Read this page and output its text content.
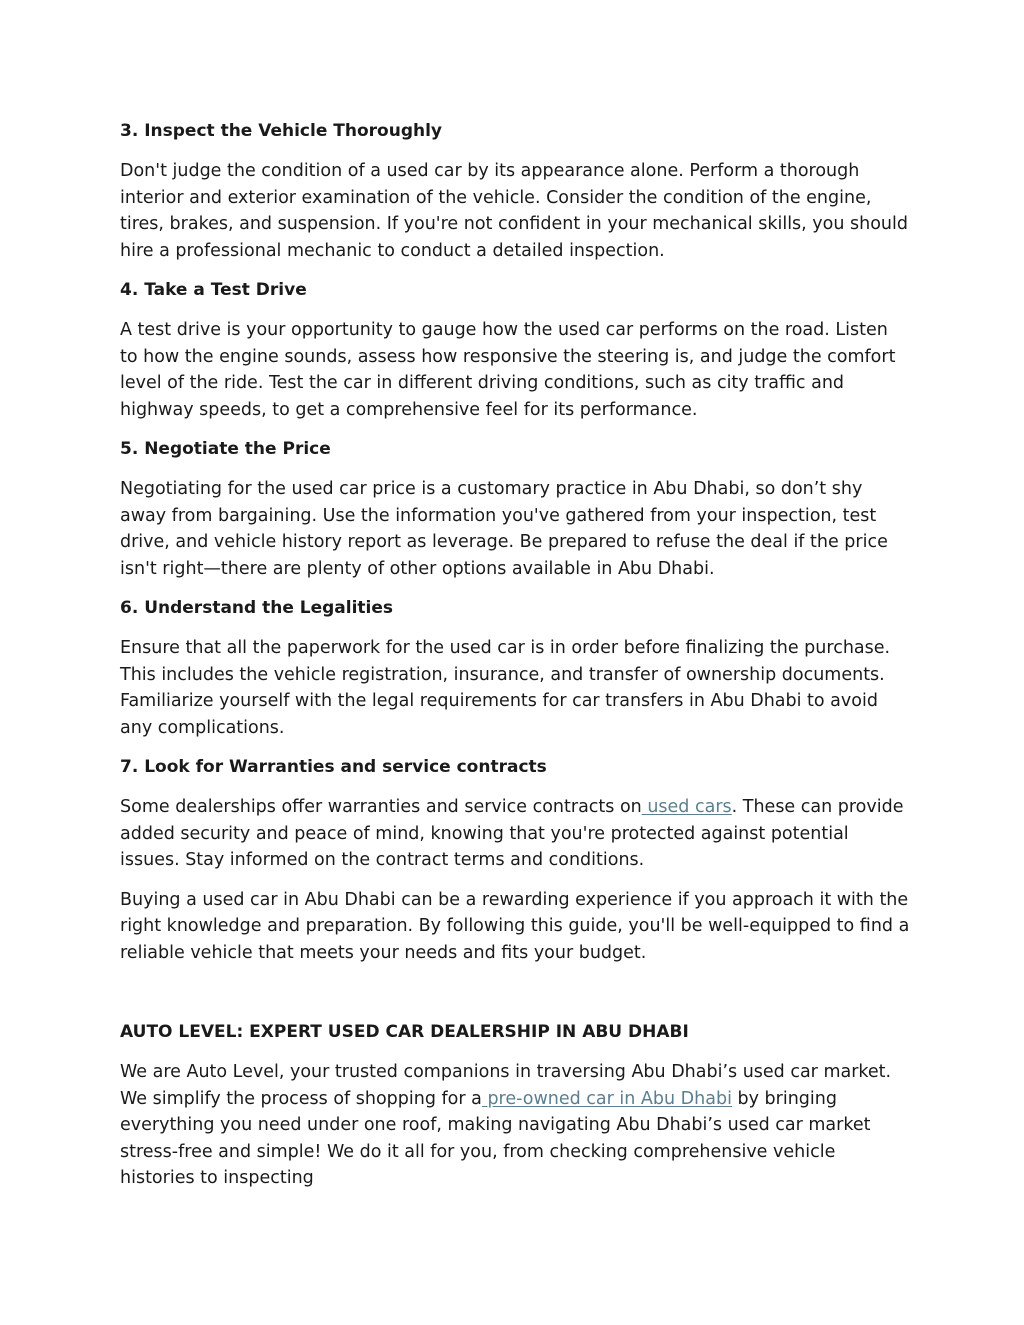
3. Inspect the Vehicle Thoroughly

Don't judge the condition of a used car by its appearance alone. Perform a thorough interior and exterior examination of the vehicle. Consider the condition of the engine, tires, brakes, and suspension. If you're not confident in your mechanical skills, you should hire a professional mechanic to conduct a detailed inspection.

4. Take a Test Drive

A test drive is your opportunity to gauge how the used car performs on the road. Listen to how the engine sounds, assess how responsive the steering is, and judge the comfort level of the ride. Test the car in different driving conditions, such as city traffic and highway speeds, to get a comprehensive feel for its performance.

5. Negotiate the Price

Negotiating for the used car price is a customary practice in Abu Dhabi, so don’t shy away from bargaining. Use the information you've gathered from your inspection, test drive, and vehicle history report as leverage. Be prepared to refuse the deal if the price isn't right—there are plenty of other options available in Abu Dhabi.

6. Understand the Legalities

Ensure that all the paperwork for the used car is in order before finalizing the purchase. This includes the vehicle registration, insurance, and transfer of ownership documents. Familiarize yourself with the legal requirements for car transfers in Abu Dhabi to avoid any complications.

7. Look for Warranties and service contracts

Some dealerships offer warranties and service contracts on used cars. These can provide added security and peace of mind, knowing that you're protected against potential issues. Stay informed on the contract terms and conditions.

Buying a used car in Abu Dhabi can be a rewarding experience if you approach it with the right knowledge and preparation. By following this guide, you'll be well-equipped to find a reliable vehicle that meets your needs and fits your budget.

AUTO LEVEL: EXPERT USED CAR DEALERSHIP IN ABU DHABI

We are Auto Level, your trusted companions in traversing Abu Dhabi’s used car market. We simplify the process of shopping for a pre-owned car in Abu Dhabi by bringing everything you need under one roof, making navigating Abu Dhabi’s used car market stress-free and simple! We do it all for you, from checking comprehensive vehicle histories to inspecting
